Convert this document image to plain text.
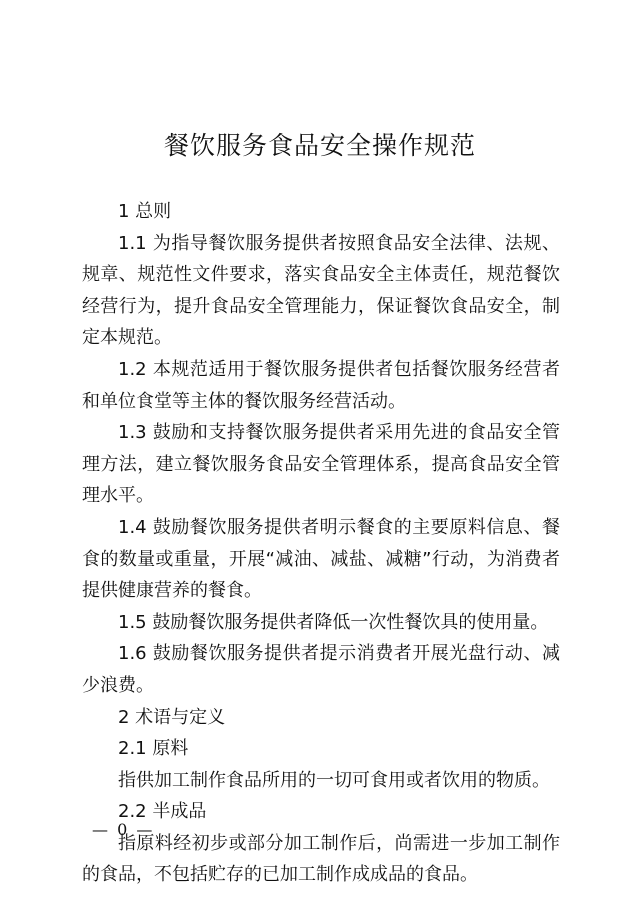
餐饮服务食品安全操作规范

1 总则

1.1 为指导餐饮服务提供者按照食品安全法律、法规、规章、规范性文件要求，落实食品安全主体责任，规范餐饮经营行为，提升食品安全管理能力，保证餐饮食品安全，制定本规范。

1.2 本规范适用于餐饮服务提供者包括餐饮服务经营者和单位食堂等主体的餐饮服务经营活动。

1.3 鼓励和支持餐饮服务提供者采用先进的食品安全管理方法，建立餐饮服务食品安全管理体系，提高食品安全管理水平。

1.4 鼓励餐饮服务提供者明示餐食的主要原料信息、餐食的数量或重量，开展“减油、减盐、减糖”行动，为消费者提供健康营养的餐食。

1.5 鼓励餐饮服务提供者降低一次性餐饮具的使用量。

1.6 鼓励餐饮服务提供者提示消费者开展光盘行动、减少浪费。

2 术语与定义

2.1 原料

指供加工制作食品所用的一切可食用或者饮用的物质。

2.2 半成品

指原料经初步或部分加工制作后，尚需进一步加工制作的食品，不包括贮存的已加工制作成成品的食品。

— 0 —
